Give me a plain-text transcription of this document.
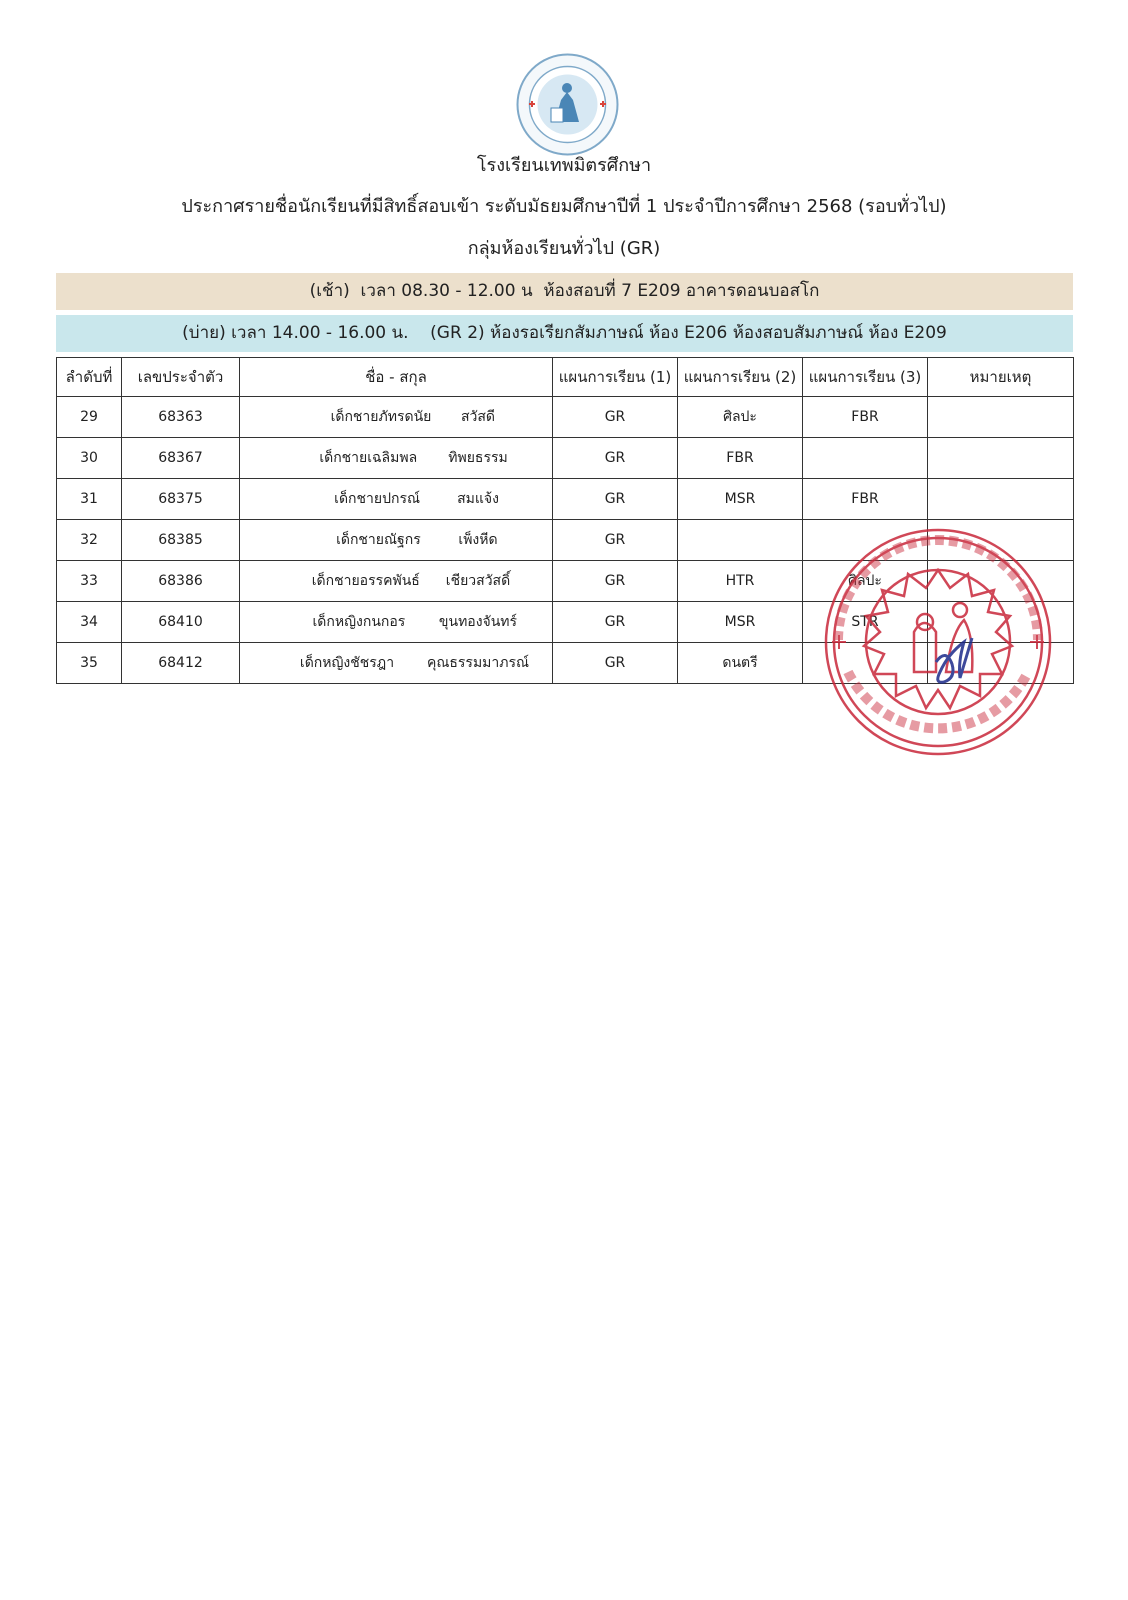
โรงเรียนเทพมิตรศึกษา
ประกาศรายชื่อนักเรียนที่มีสิทธิ์สอบเข้า ระดับมัธยมศึกษาปีที่ 1 ประจำปีการศึกษา 2568 (รอบทั่วไป)
กลุ่มห้องเรียนทั่วไป (GR)
(เช้า)  เวลา 08.30 - 12.00 น  ห้องสอบที่ 7 E209 อาคารดอนบอสโก
(บ่าย) เวลา 14.00 - 16.00 น.    (GR 2) ห้องรอเรียกสัมภาษณ์ ห้อง E206 ห้องสอบสัมภาษณ์ ห้อง E209
ลำดับที่	เลขประจำตัว	ชื่อ - สกุล	แผนการเรียน (1)	แผนการเรียน (2)	แผนการเรียน (3)	หมายเหตุ
29	68363	เด็กชายภัทรดนัย สวัสดี	GR	ศิลปะ	FBR	
30	68367	เด็กชายเฉลิมพล ทิพยธรรม	GR	FBR		
31	68375	เด็กชายปกรณ์ สมแจ้ง	GR	MSR	FBR	
32	68385	เด็กชายณัฐกร เพ็งหีด	GR			
33	68386	เด็กชายอรรคพันธ์ เชียวสวัสดิ์	GR	HTR	ศิลปะ	
34	68410	เด็กหญิงกนกอร ขุนทองจันทร์	GR	MSR	STR	
35	68412	เด็กหญิงชัชรฎา คุณธรรมมาภรณ์	GR	ดนตรี		
